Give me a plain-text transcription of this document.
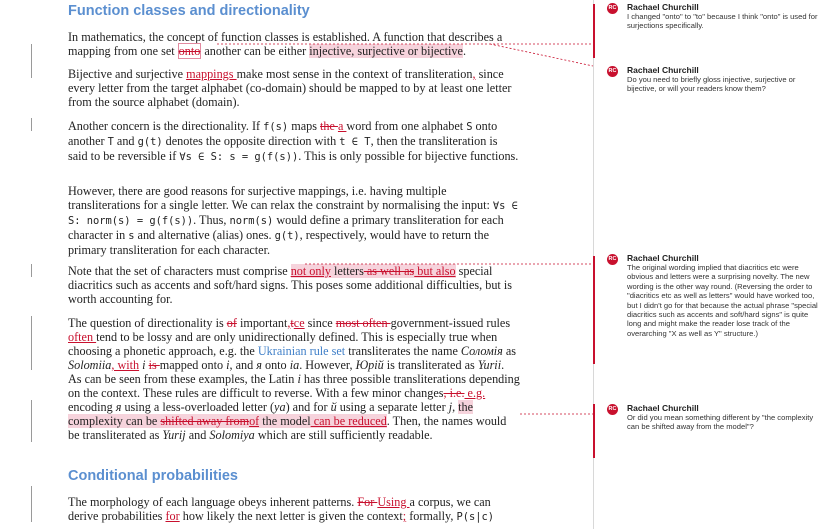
Function classes and directionality

In mathematics, the concept of function classes is established. A function that describes a mapping from one set onto another can be either injective, surjective or bijective.

Bijective and surjective mappings make most sense in the context of transliteration, since every letter from the target alphabet (co-domain) should be mapped to by at least one letter from the source alphabet (domain).

Another concern is the directionality. If f(s) maps the a word from one alphabet S onto another T and g(t) denotes the opposite direction with t ∈ T, then the transliteration is said to be reversible if ∀s ∈ S: s = g(f(s)). This is only possible for bijective functions.

However, there are good reasons for surjective mappings, i.e. having multiple transliterations for a single letter. We can relax the constraint by normalising the input: ∀s ∈ S: norm(s) = g(f(s)). Thus, norm(s) would define a primary transliteration for each character in s and alternative (alias) ones. g(t), respectively, would have to return the primary transliteration for each character.

Note that the set of characters must comprise not only letters as well as but also special diacritics such as accents and soft/hard signs. This poses some additional difficulties, but is worth accounting for.

The question of directionality is of important,tce since most often government-issued rules often tend to be lossy and are only unidirectionally defined. This is especially true when choosing a phonetic approach, e.g. the Ukrainian rule set transliterates the name Соломія as Solomiia, with і is mapped onto i, and я onto ia. However, Юрій is transliterated as Yurii. As can be seen from these examples, the Latin i has three possible transliterations depending on the context. These rules are difficult to reverse. With a few minor changes, i.e. e.g. encoding я using a less-overloaded letter (ya) and for й using a separate letter j, the complexity can be shifted away fromof the model can be reduced. Then, the names would be transliterated as Yurij and Solomiya which are still sufficiently readable.

Conditional probabilities

The morphology of each language obeys inherent patterns. For Using a corpus, we can derive probabilities for how likely the next letter is given the context; formally, P(s|c)

RC Rachael Churchill
I changed "onto" to "to" because I think "onto" is used for surjections specifically.
RC Rachael Churchill
Do you need to briefly gloss injective, surjective or bijective, or will your readers know them?
RC Rachael Churchill
The original wording implied that diacritics etc were obvious and letters were a surprising novelty. The new wording is the other way round. (Reversing the order to "diacritics etc as well as letters" would have worked too, but I didn't go for that because the actual phrase "special diacritics such as accents and soft/hard signs" is quite long and might make the reader lose track of the overarching "X as well as Y" structure.)
RC Rachael Churchill
Or did you mean something different by "the complexity can be shifted away from the model"?
